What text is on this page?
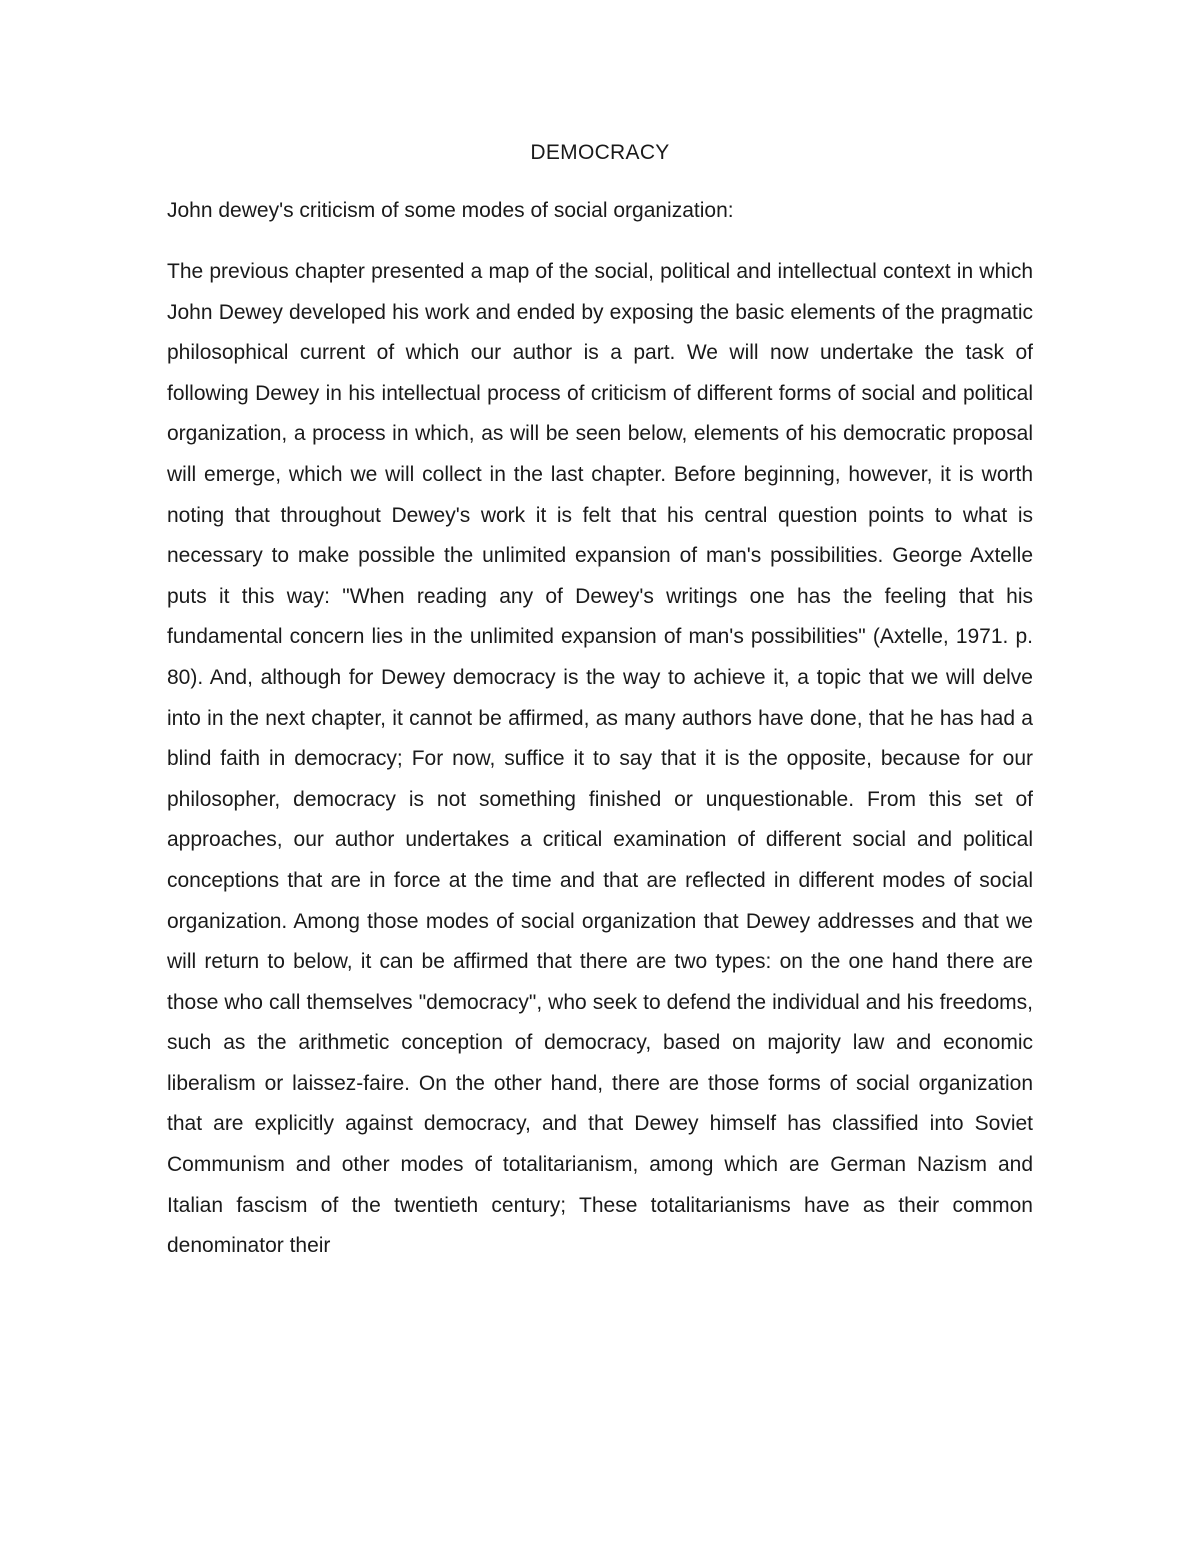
DEMOCRACY
John dewey's criticism of some modes of social organization:

The previous chapter presented a map of the social, political and intellectual context in which John Dewey developed his work and ended by exposing the basic elements of the pragmatic philosophical current of which our author is a part. We will now undertake the task of following Dewey in his intellectual process of criticism of different forms of social and political organization, a process in which, as will be seen below, elements of his democratic proposal will emerge, which we will collect in the last chapter. Before beginning, however, it is worth noting that throughout Dewey's work it is felt that his central question points to what is necessary to make possible the unlimited expansion of man's possibilities. George Axtelle puts it this way: "When reading any of Dewey's writings one has the feeling that his fundamental concern lies in the unlimited expansion of man's possibilities" (Axtelle, 1971. p. 80). And, although for Dewey democracy is the way to achieve it, a topic that we will delve into in the next chapter, it cannot be affirmed, as many authors have done, that he has had a blind faith in democracy; For now, suffice it to say that it is the opposite, because for our philosopher, democracy is not something finished or unquestionable. From this set of approaches, our author undertakes a critical examination of different social and political conceptions that are in force at the time and that are reflected in different modes of social organization. Among those modes of social organization that Dewey addresses and that we will return to below, it can be affirmed that there are two types: on the one hand there are those who call themselves "democracy", who seek to defend the individual and his freedoms, such as the arithmetic conception of democracy, based on majority law and economic liberalism or laissez-faire. On the other hand, there are those forms of social organization that are explicitly against democracy, and that Dewey himself has classified into Soviet Communism and other modes of totalitarianism, among which are German Nazism and Italian fascism of the twentieth century; These totalitarianisms have as their common denominator their
